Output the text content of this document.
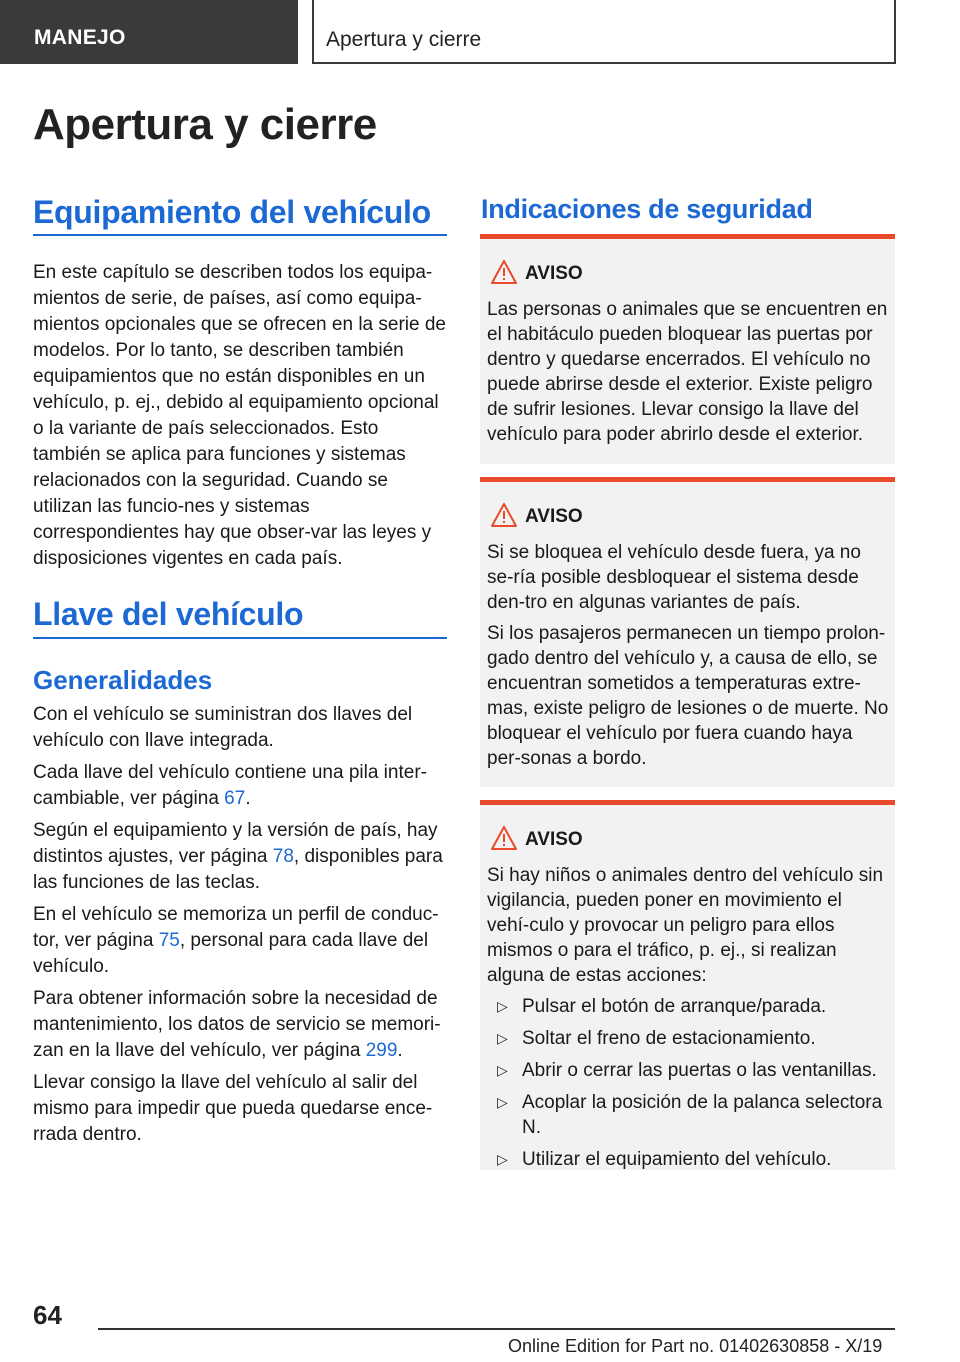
MANEJO	Apertura y cierre
Apertura y cierre
Equipamiento del vehículo

En este capítulo se describen todos los equipa-mientos de serie, de países, así como equipa-mientos opcionales que se ofrecen en la serie de modelos. Por lo tanto, se describen también equipamientos que no están disponibles en un vehículo, p. ej., debido al equipamiento opcional o la variante de país seleccionados. Esto también se aplica para funciones y sistemas relacionados con la seguridad. Cuando se utilizan las funcio-nes y sistemas correspondientes hay que obser-var las leyes y disposiciones vigentes en cada país.

Llave del vehículo
Generalidades

Con el vehículo se suministran dos llaves del vehículo con llave integrada.

Cada llave del vehículo contiene una pila inter-cambiable, ver página 67.

Según el equipamiento y la versión de país, hay distintos ajustes, ver página 78, disponibles para las funciones de las teclas.

En el vehículo se memoriza un perfil de conduc-tor, ver página 75, personal para cada llave del vehículo.

Para obtener información sobre la necesidad de mantenimiento, los datos de servicio se memori-zan en la llave del vehículo, ver página 299.

Llevar consigo la llave del vehículo al salir del mismo para impedir que pueda quedarse ence-rrada dentro.

Indicaciones de seguridad
AVISO

Las personas o animales que se encuentren en el habitáculo pueden bloquear las puertas por dentro y quedarse encerrados. El vehículo no puede abrirse desde el exterior. Existe peligro de sufrir lesiones. Llevar consigo la llave del vehículo para poder abrirlo desde el exterior.

AVISO

Si se bloquea el vehículo desde fuera, ya no se-ría posible desbloquear el sistema desde den-tro en algunas variantes de país.

Si los pasajeros permanecen un tiempo prolon-gado dentro del vehículo y, a causa de ello, se encuentran sometidos a temperaturas extre-mas, existe peligro de lesiones o de muerte. No bloquear el vehículo por fuera cuando haya per-sonas a bordo.

AVISO

Si hay niños o animales dentro del vehículo sin vigilancia, pueden poner en movimiento el vehí-culo y provocar un peligro para ellos mismos o para el tráfico, p. ej., si realizan alguna de estas acciones:

▷ Pulsar el botón de arranque/parada.
▷ Soltar el freno de estacionamiento.
▷ Abrir o cerrar las puertas o las ventanillas.
▷ Acoplar la posición de la palanca selectora N.
▷ Utilizar el equipamiento del vehículo.
64
Online Edition for Part no. 01402630858 - X/19
